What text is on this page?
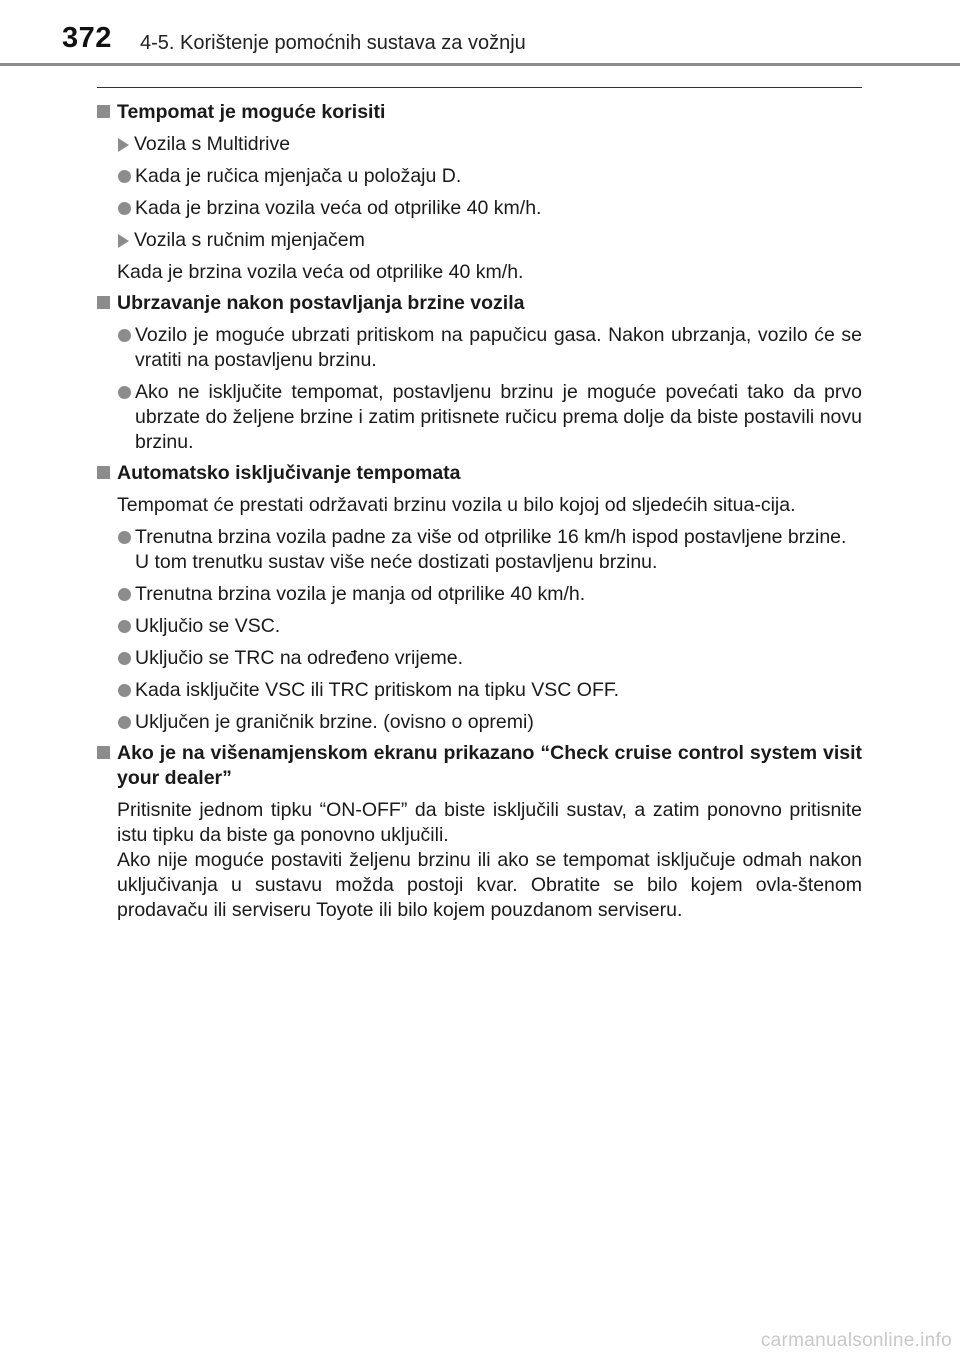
372 4-5. Korištenje pomoćnih sustava za vožnju
Tempomat je moguće korisiti
Vozila s Multidrive
Kada je ručica mjenjača u položaju D.
Kada je brzina vozila veća od otprilike 40 km/h.
Vozila s ručnim mjenjačem
Kada je brzina vozila veća od otprilike 40 km/h.
Ubrzavanje nakon postavljanja brzine vozila
Vozilo je moguće ubrzati pritiskom na papučicu gasa. Nakon ubrzanja, vozilo će se vratiti na postavljenu brzinu.
Ako ne isključite tempomat, postavljenu brzinu je moguće povećati tako da prvo ubrzate do željene brzine i zatim pritisnete ručicu prema dolje da biste postavili novu brzinu.
Automatsko isključivanje tempomata
Tempomat će prestati održavati brzinu vozila u bilo kojoj od sljedećih situa-cija.
Trenutna brzina vozila padne za više od otprilike 16 km/h ispod postavljene brzine.
U tom trenutku sustav više neće dostizati postavljenu brzinu.
Trenutna brzina vozila je manja od otprilike 40 km/h.
Uključio se VSC.
Uključio se TRC na određeno vrijeme.
Kada isključite VSC ili TRC pritiskom na tipku VSC OFF.
Uključen je graničnik brzine. (ovisno o opremi)
Ako je na višenamjenskom ekranu prikazano “Check cruise control system visit your dealer”
Pritisnite jednom tipku “ON-OFF” da biste isključili sustav, a zatim ponovno pritisnite istu tipku da biste ga ponovno uključili.
Ako nije moguće postaviti željenu brzinu ili ako se tempomat isključuje odmah nakon uključivanja u sustavu možda postoji kvar. Obratite se bilo kojem ovla-štenom prodavaču ili serviseru Toyote ili bilo kojem pouzdanom serviseru.
carmanualsonline.info
